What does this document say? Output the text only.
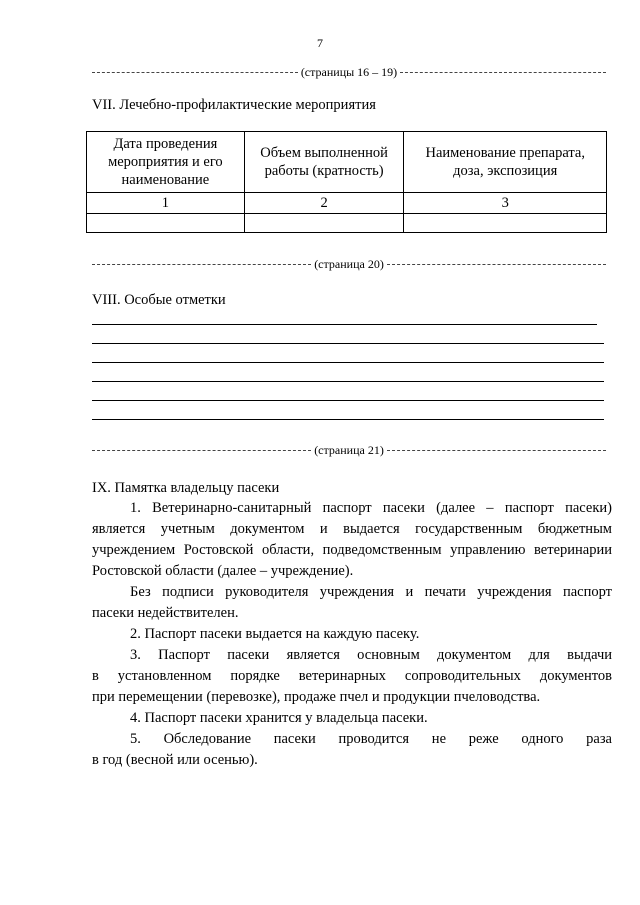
7
(страницы 16 – 19)
VII. Лечебно-профилактические мероприятия
Дата проведения мероприятия и его наименование	Объем выполненной работы (кратность)	Наименование препарата, доза, экспозиция
1	2	3

(страница 20)
VIII. Особые отметки
(страница 21)
IX. Памятка владельцу пасеки
1. Ветеринарно-санитарный паспорт пасеки (далее – паспорт пасеки)
является учетным документом и выдается государственным бюджетным
учреждением Ростовской области, подведомственным управлению ветеринарии
Ростовской области (далее – учреждение).
Без подписи руководителя учреждения и печати учреждения паспорт
пасеки недействителен.
2. Паспорт пасеки выдается на каждую пасеку.
3. Паспорт пасеки является основным документом для выдачи
в установленном порядке ветеринарных сопроводительных документов
при перемещении (перевозке), продаже пчел и продукции пчеловодства.
4. Паспорт пасеки хранится у владельца пасеки.
5. Обследование пасеки проводится не реже одного раза
в год (весной или осенью).
